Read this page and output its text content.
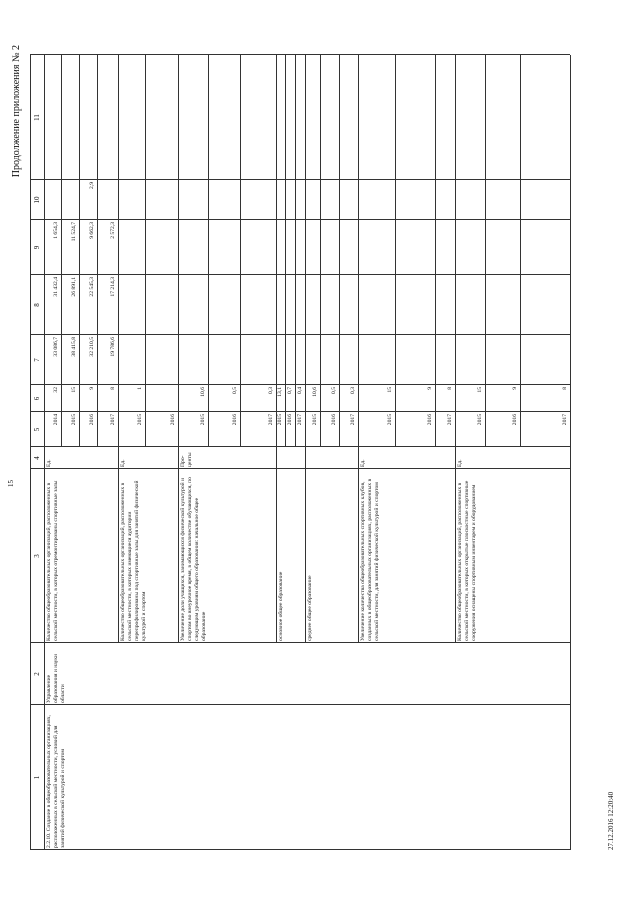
15
Продолжение приложения № 2
27.12.2016 12:20:40
1
2
3
4
5
6
7
8
9
10
11
2.2.10. Создание в общеобразовательных организациях, расположенных в сельской местности, условий для занятий физической культурой и спортом
Управление образования и науки области
Количество общеобразовательных организаций, расположенных в сельской местности, в которых отремонтированы спортивные залы
Ед.
2014
32
33 086,7
31 432,4
1 654,3
2015
15
38 415,8
26 891,1
11 524,7
2016
9
32 210,5
22 545,3
9 662,3
2,9
2017
8
19 786,6
17 214,3
2 572,3
Количество общеобразовательных организаций, расположенных в сельской местности, в которых имеющиеся аудитории перепрофилированы под спортивные залы для занятий физической культурой и спортом
Ед.
2015
1
2016
Увеличение доли учащихся, занимающихся физической культурой и спортом во внеурочное время, в общем количестве обучающихся, по следующим уровням общего образования: начальное общее образование
Про-центы
2015
10,6
2016
0,5
2017
0,3
основное общее образование
2015
13,1
2016
0,7
2017
0,4
среднее общее образование
2015
10,6
2016
0,5
2017
0,3
Увеличение количества общеобразовательных спортивных клубов, созданных в общеобразовательных организациях, расположенных в сельской местности, для занятий физической культурой и спортом
Ед.
2015
15
2016
9
2017
8
Количество общеобразовательных организаций, расположенных в сельской местности, в которых открытые плоскостные спортивные сооружения оснащены спортивным инвентарем и оборудованием
Ед.
2015
15
2016
9
2017
8
